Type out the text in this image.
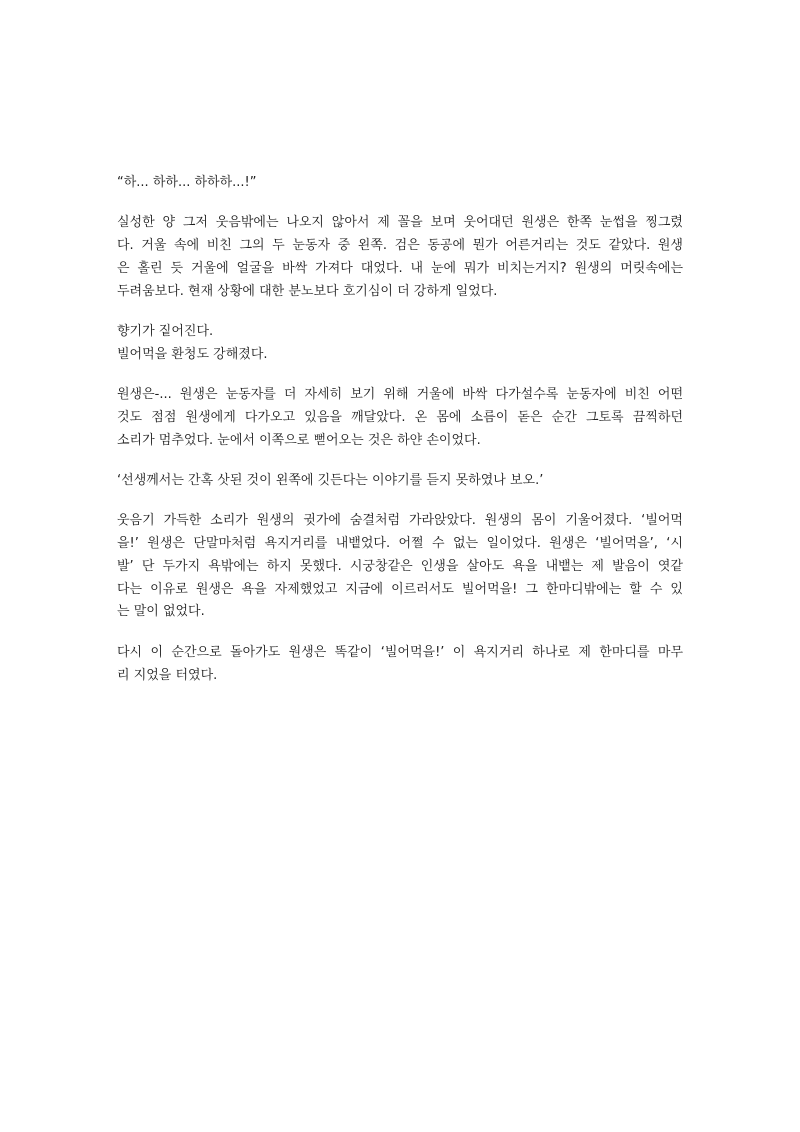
“하... 하하... 하하하...!”
실성한 양 그저 웃음밖에는 나오지 않아서 제 꼴을 보며 웃어대던 원생은 한쪽 눈썹을 찡그렸
다. 거울 속에 비친 그의 두 눈동자 중 왼쪽. 검은 동공에 뭔가 어른거리는 것도 같았다. 원생
은 홀린 듯 거울에 얼굴을 바싹 가져다 대었다. 내 눈에 뭐가 비치는거지? 원생의 머릿속에는
두려움보다. 현재 상황에 대한 분노보다 호기심이 더 강하게 일었다.
향기가 짙어진다.
빌어먹을 환청도 강해졌다.
원생은-... 원생은 눈동자를 더 자세히 보기 위해 거울에 바싹 다가설수록 눈동자에 비친 어떤
것도 점점 원생에게 다가오고 있음을 깨달았다. 온 몸에 소름이 돋은 순간 그토록 끔찍하던
소리가 멈추었다. 눈에서 이쪽으로 뻗어오는 것은 하얀 손이었다.
‘선생께서는 간혹 삿된 것이 왼쪽에 깃든다는 이야기를 듣지 못하였나 보오.’
웃음기 가득한 소리가 원생의 귓가에 숨결처럼 가라앉았다. 원생의 몸이 기울어졌다. ‘빌어먹
을!’ 원생은 단말마처럼 욕지거리를 내뱉었다. 어쩔 수 없는 일이었다. 원생은 ‘빌어먹을’, ‘시
발’ 단 두가지 욕밖에는 하지 못했다. 시궁창같은 인생을 살아도 욕을 내뱉는 제 발음이 엿같
다는 이유로 원생은 욕을 자제했었고 지금에 이르러서도 빌어먹을! 그 한마디밖에는 할 수 있
는 말이 없었다.
다시 이 순간으로 돌아가도 원생은 똑같이 ‘빌어먹을!’ 이 욕지거리 하나로 제 한마디를 마무
리 지었을 터였다.
